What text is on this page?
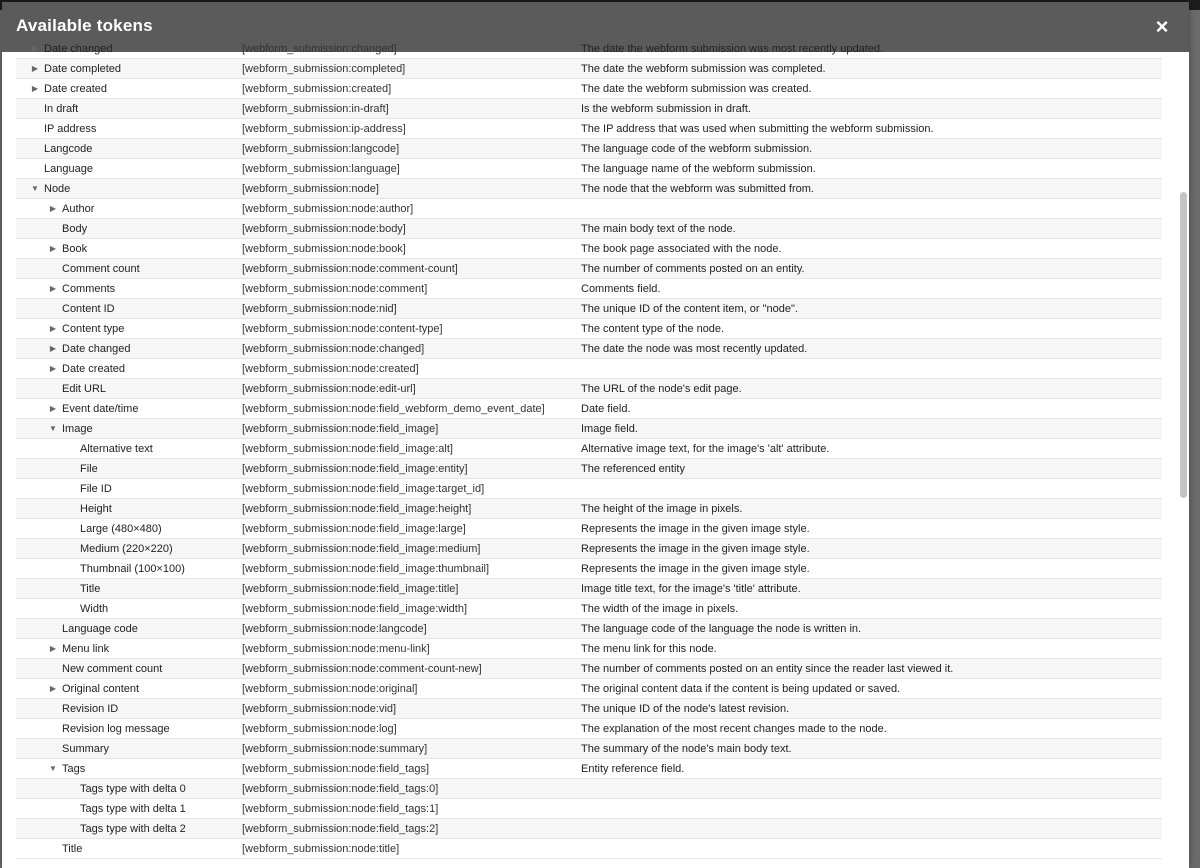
Available tokens	×
▶ Date changed	[webform_submission:changed]	The date the webform submission was most recently updated.
▶ Date completed	[webform_submission:completed]	The date the webform submission was completed.
▶ Date created	[webform_submission:created]	The date the webform submission was created.
In draft	[webform_submission:in-draft]	Is the webform submission in draft.
IP address	[webform_submission:ip-address]	The IP address that was used when submitting the webform submission.
Langcode	[webform_submission:langcode]	The language code of the webform submission.
Language	[webform_submission:language]	The language name of the webform submission.
▼ Node	[webform_submission:node]	The node that the webform was submitted from.
▶ Author	[webform_submission:node:author]
Body	[webform_submission:node:body]	The main body text of the node.
▶ Book	[webform_submission:node:book]	The book page associated with the node.
Comment count	[webform_submission:node:comment-count]	The number of comments posted on an entity.
▶ Comments	[webform_submission:node:comment]	Comments field.
Content ID	[webform_submission:node:nid]	The unique ID of the content item, or "node".
▶ Content type	[webform_submission:node:content-type]	The content type of the node.
▶ Date changed	[webform_submission:node:changed]	The date the node was most recently updated.
▶ Date created	[webform_submission:node:created]
Edit URL	[webform_submission:node:edit-url]	The URL of the node's edit page.
▶ Event date/time	[webform_submission:node:field_webform_demo_event_date]	Date field.
▼ Image	[webform_submission:node:field_image]	Image field.
Alternative text	[webform_submission:node:field_image:alt]	Alternative image text, for the image's 'alt' attribute.
File	[webform_submission:node:field_image:entity]	The referenced entity
File ID	[webform_submission:node:field_image:target_id]
Height	[webform_submission:node:field_image:height]	The height of the image in pixels.
Large (480×480)	[webform_submission:node:field_image:large]	Represents the image in the given image style.
Medium (220×220)	[webform_submission:node:field_image:medium]	Represents the image in the given image style.
Thumbnail (100×100)	[webform_submission:node:field_image:thumbnail]	Represents the image in the given image style.
Title	[webform_submission:node:field_image:title]	Image title text, for the image's 'title' attribute.
Width	[webform_submission:node:field_image:width]	The width of the image in pixels.
Language code	[webform_submission:node:langcode]	The language code of the language the node is written in.
▶ Menu link	[webform_submission:node:menu-link]	The menu link for this node.
New comment count	[webform_submission:node:comment-count-new]	The number of comments posted on an entity since the reader last viewed it.
▶ Original content	[webform_submission:node:original]	The original content data if the content is being updated or saved.
Revision ID	[webform_submission:node:vid]	The unique ID of the node's latest revision.
Revision log message	[webform_submission:node:log]	The explanation of the most recent changes made to the node.
Summary	[webform_submission:node:summary]	The summary of the node's main body text.
▼ Tags	[webform_submission:node:field_tags]	Entity reference field.
Tags type with delta 0	[webform_submission:node:field_tags:0]
Tags type with delta 1	[webform_submission:node:field_tags:1]
Tags type with delta 2	[webform_submission:node:field_tags:2]
Title	[webform_submission:node:title]
